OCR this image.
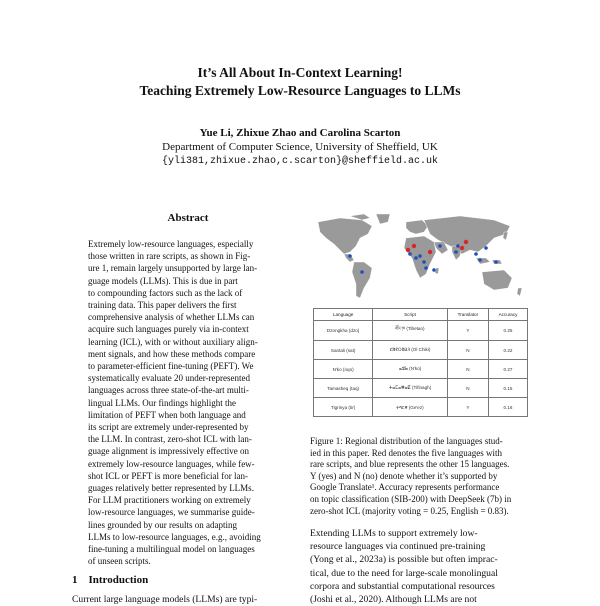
It’s All About In-Context Learning!
Teaching Extremely Low-Resource Languages to LLMs
Yue Li, Zhixue Zhao and Carolina Scarton
Department of Computer Science, University of Sheffield, UK
{yli381,zhixue.zhao,c.scarton}@sheffield.ac.uk
Abstract
Extremely low-resource languages, especially
those written in rare scripts, as shown in Fig-
ure 1, remain largely unsupported by large lan-
guage models (LLMs). This is due in part
to compounding factors such as the lack of
training data. This paper delivers the first
comprehensive analysis of whether LLMs can
acquire such languages purely via in-context
learning (ICL), with or without auxiliary align-
ment signals, and how these methods compare
to parameter-efficient fine-tuning (PEFT). We
systematically evaluate 20 under-represented
languages across three state-of-the-art multi-
lingual LLMs. Our findings highlight the
limitation of PEFT when both language and
its script are extremely under-represented by
the LLM. In contrast, zero-shot ICL with lan-
guage alignment is impressively effective on
extremely low-resource languages, while few-
shot ICL or PEFT is more beneficial for lan-
guages relatively better represented by LLMs.
For LLM practitioners working on extremely
low-resource languages, we summarise guide-
lines grounded by our results on adapting
LLMs to low-resource languages, e.g., avoiding
fine-tuning a multilingual model on languages
of unseen scripts.
1 Introduction
Current large language models (LLMs) are typi-
Language	Script	Translator	Accuracy
Dzongkha (dzo)	ཛོང་ཁ (Tibetan)	Y	0.25
Santali (sat)	ᱥᱟᱱᱛᱟᱲᱤ (Ol Chiki)	N	0.22
N'ko (nqo)	ߒߞߏ (N'ko)	N	0.27
Tamasheq (taq)	ⵜⴰⵎⴰⵌⴰⵇ (Tifinagh)	N	0.15
Tigrinya (tir)	ትግርኛ (Ge'ez)	Y	0.16
Figure 1: Regional distribution of the languages stud-
ied in this paper. Red denotes the five languages with
rare scripts, and blue represents the other 15 languages.
Y (yes) and N (no) denote whether it’s supported by
Google Translate¹. Accuracy represents performance
on topic classification (SIB-200) with DeepSeek (7b) in
zero-shot ICL (majority voting = 0.25, English = 0.83).
Extending LLMs to support extremely low-
resource languages via continued pre-training
(Yong et al., 2023a) is possible but often imprac-
tical, due to the need for large-scale monolingual
corpora and substantial computational resources
(Joshi et al., 2020). Although LLMs are not
